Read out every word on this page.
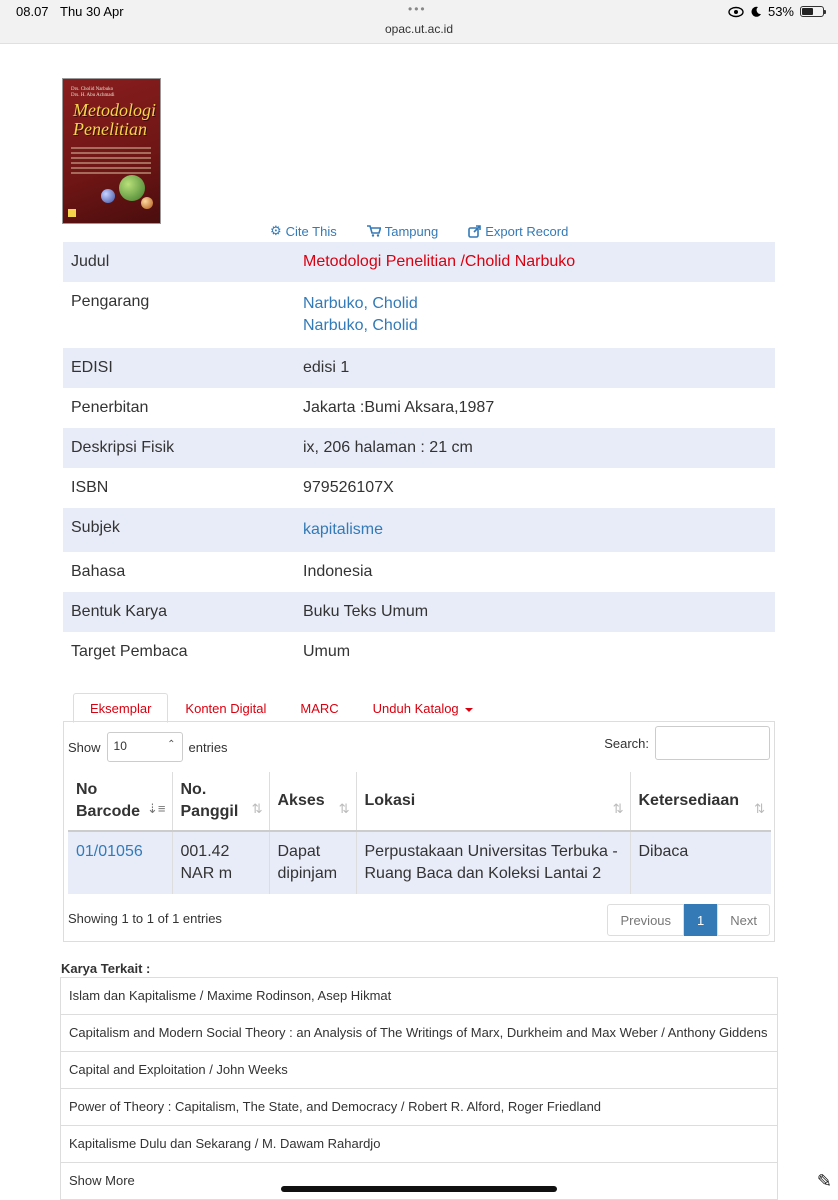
08.07 Thu 30 Apr	•••
opac.ut.ac.id
53%
Drs. Cholid Narbuko
Drs. H. Abu Achmadi
Metodologi
Penelitian
⚙ Cite This	Tampung	Export Record
Judul	Metodologi Penelitian /Cholid Narbuko
Pengarang	Narbuko, Cholid
Narbuko, Cholid
EDISI	edisi 1
Penerbitan	Jakarta :Bumi Aksara,1987
Deskripsi Fisik	ix, 206 halaman : 21 cm
ISBN	979526107X
Subjek	kapitalisme
Bahasa	Indonesia
Bentuk Karya	Buku Teks Umum
Target Pembaca	Umum
Eksemplar	Konten Digital	MARC	Unduh Katalog
Show	10	⌃ entries	Search:
No Barcode ⇣≡	No. Panggil ⇅	Akses ⇅	Lokasi ⇅	Ketersediaan ⇅

01/01056	001.42 NAR m	Dapat dipinjam	Perpustakaan Universitas Terbuka - Ruang Baca dan Koleksi Lantai 2	Dibaca
Showing 1 to 1 of 1 entries	Previous	1	Next
Karya Terkait :
Islam dan Kapitalisme / Maxime Rodinson, Asep Hikmat
Capitalism and Modern Social Theory : an Analysis of The Writings of Marx, Durkheim and Max Weber / Anthony Giddens
Capital and Exploitation / John Weeks
Power of Theory : Capitalism, The State, and Democracy / Robert R. Alford, Roger Friedland
Kapitalisme Dulu dan Sekarang / M. Dawam Rahardjo
Show More	✎
